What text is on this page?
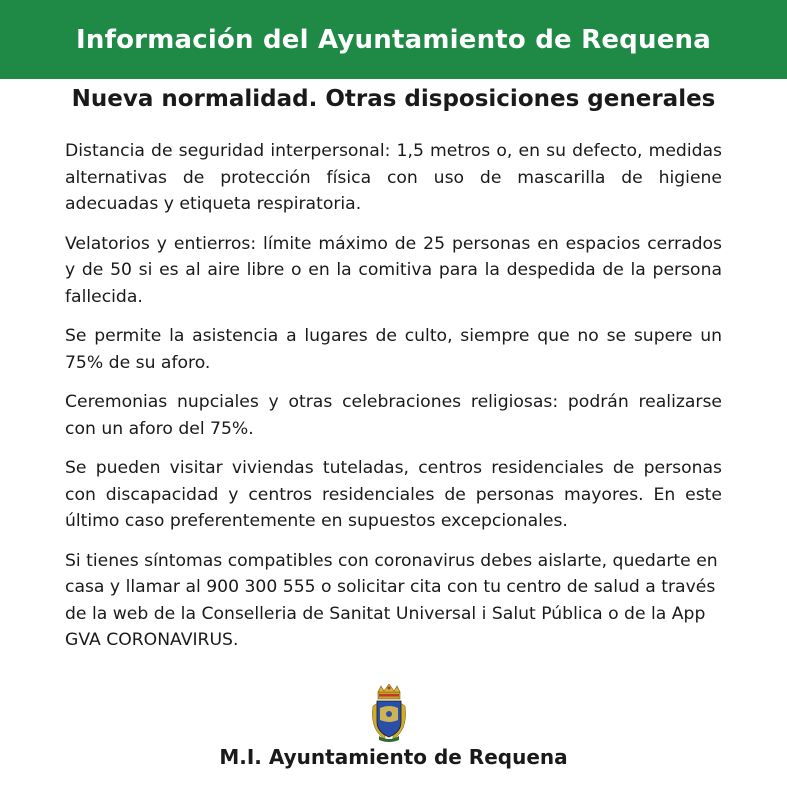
Información del Ayuntamiento de Requena
Nueva normalidad. Otras disposiciones generales

Distancia de seguridad interpersonal: 1,5 metros o, en su defecto, medidas alternativas de protección física con uso de mascarilla de higiene adecuadas y etiqueta respiratoria.

Velatorios y entierros: límite máximo de 25 personas en espacios cerrados y de 50 si es al aire libre o en la comitiva para la despedida de la persona fallecida.

Se permite la asistencia a lugares de culto, siempre que no se supere un 75% de su aforo.

Ceremonias nupciales y otras celebraciones religiosas: podrán realizarse con un aforo del 75%.

Se pueden visitar viviendas tuteladas, centros residenciales de personas con discapacidad y centros residenciales de personas mayores. En este último caso preferentemente en supuestos excepcionales.

Si tienes síntomas compatibles con coronavirus debes aislarte, quedarte en casa y llamar al 900 300 555 o solicitar cita con tu centro de salud a través de la web de la Conselleria de Sanitat Universal i Salut Pública o de la App GVA CORONAVIRUS.

M.I. Ayuntamiento de Requena
